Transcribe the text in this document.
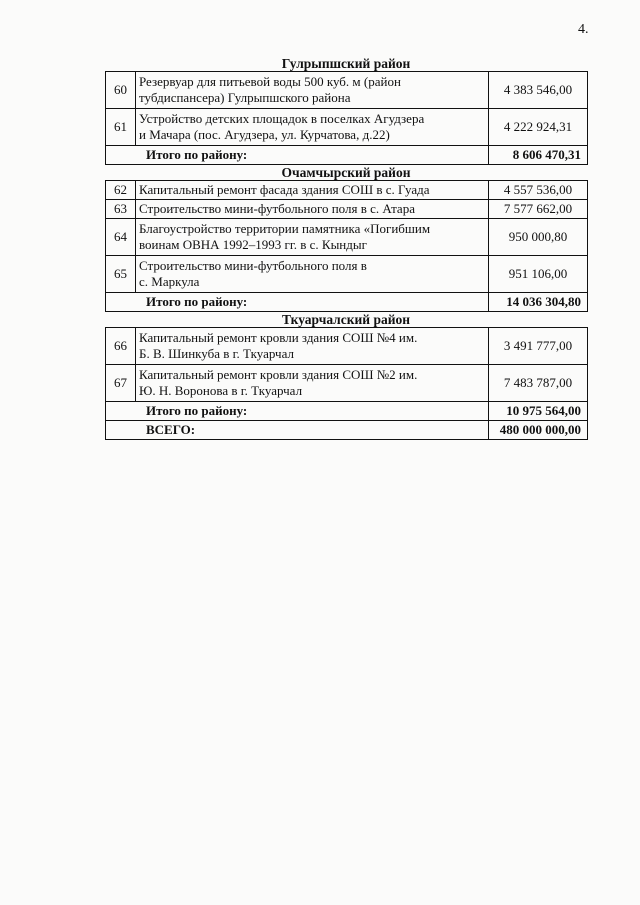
4.
Гулрыпшский район
60	Резервуар для питьевой воды 500 куб. м (район
тубдиспансера) Гулрыпшского района	4 383 546,00
61	Устройство детских площадок в поселках Агудзера
и Мачара (пос. Агудзера, ул. Курчатова, д.22)	4 222 924,31
Итого по району:		8 606 470,31
Очамчырский район
62	Капитальный ремонт фасада здания СОШ в с. Гуада	4 557 536,00
63	Строительство мини-футбольного поля в с. Атара	7 577 662,00
64	Благоустройство территории памятника «Погибшим
воинам ОВНА 1992–1993 гг. в с. Кындыг	950 000,80
65	Строительство мини-футбольного поля в
с. Маркула	951 106,00
Итого по району:		14 036 304,80
Ткуарчалский район
66	Капитальный ремонт кровли здания СОШ №4 им.
Б. В. Шинкуба в г. Ткуарчал	3 491 777,00
67	Капитальный ремонт кровли здания СОШ №2 им.
Ю. Н. Воронова в г. Ткуарчал	7 483 787,00
Итого по району:		10 975 564,00
ВСЕГО:		480 000 000,00
